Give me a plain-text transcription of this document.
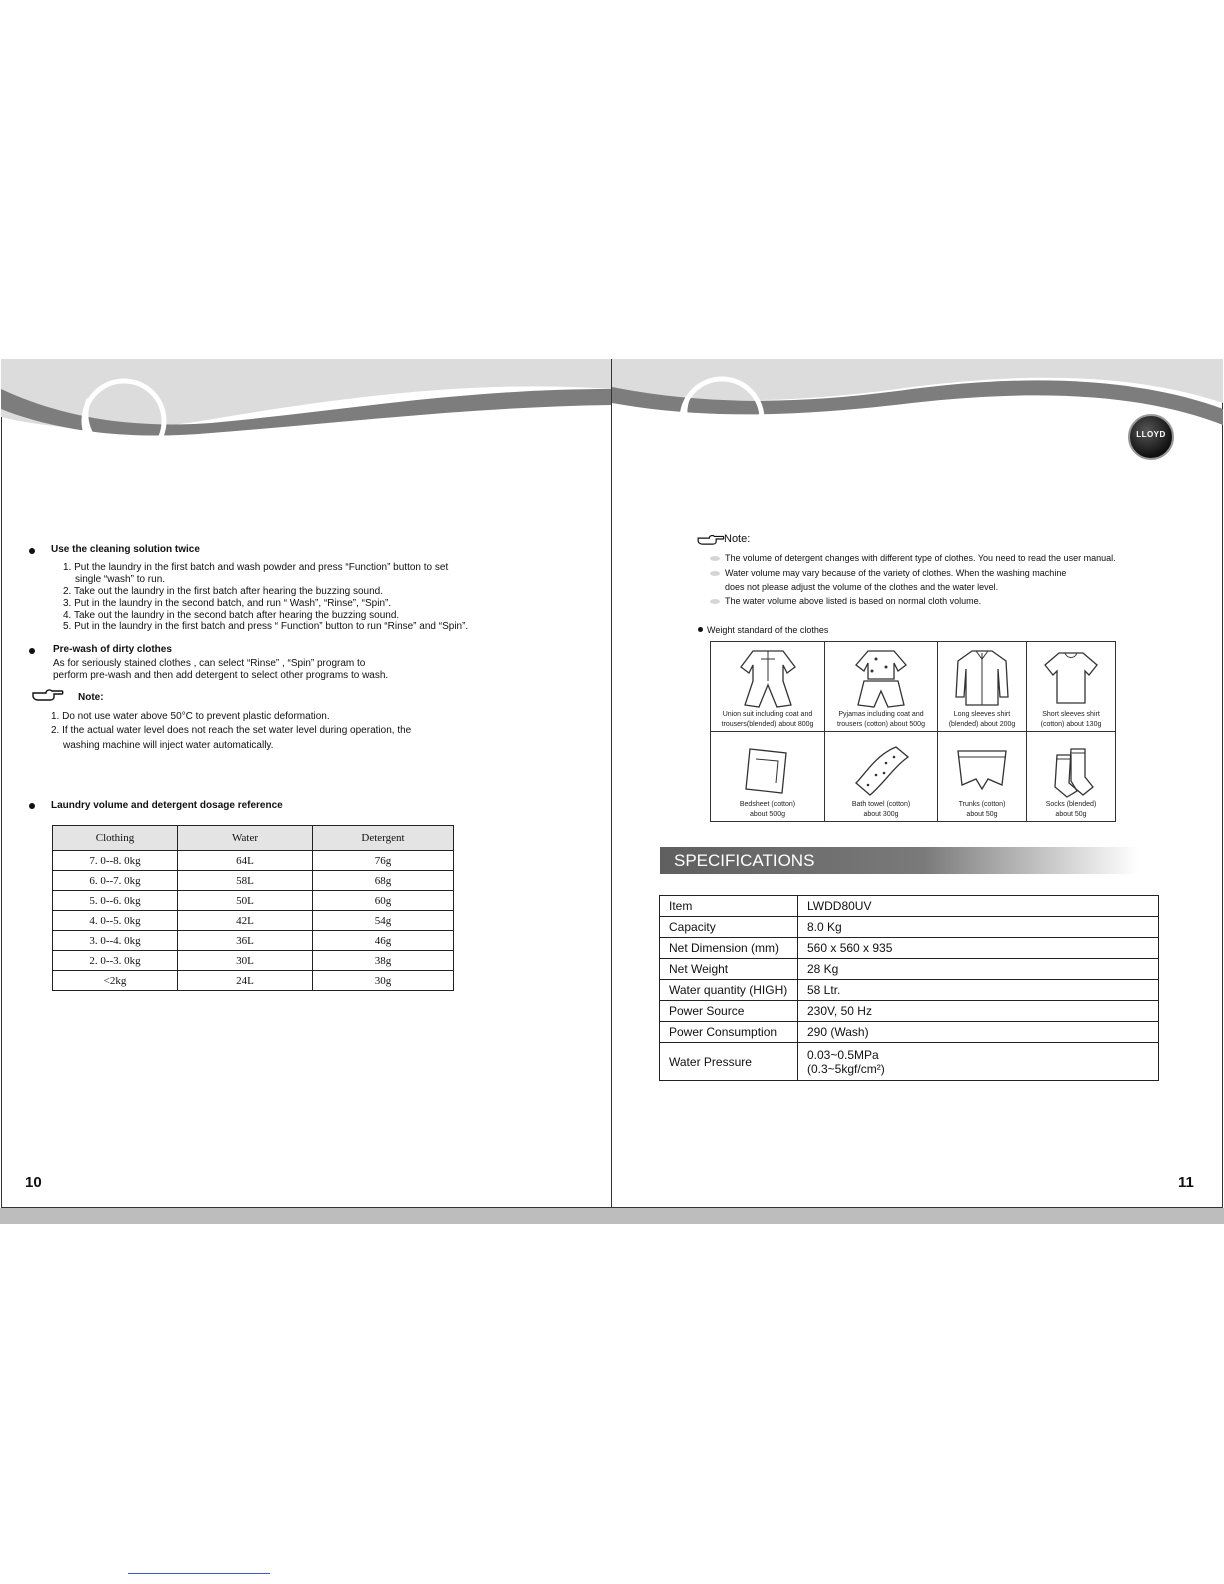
Use the cleaning solution twice
1. Put the laundry in the first batch and wash powder and press “Function” button to set
single “wash” to run.
2. Take out the laundry in the first batch after hearing the buzzing sound.
3. Put in the laundry in the second batch, and run “ Wash”, “Rinse”, “Spin”.
4. Take out the laundry in the second batch after hearing the buzzing sound.
5. Put in the laundry in the first batch and press “ Function” button to run “Rinse” and “Spin”.
Pre-wash of dirty clothes
As for seriously stained clothes , can select “Rinse” , “Spin” program to
perform pre-wash and then add detergent to select other programs to wash.
Note:
1. Do not use water above 50°C to prevent plastic deformation.
2. If the actual water level does not reach the set water level during operation, the
washing machine will inject water automatically.
Laundry volume and detergent dosage reference
Clothing	Water	Detergent
7. 0--8. 0kg	64L	76g
6. 0--7. 0kg	58L	68g
5. 0--6. 0kg	50L	60g
4. 0--5. 0kg	42L	54g
3. 0--4. 0kg	36L	46g
2. 0--3. 0kg	30L	38g
<2kg	24L	30g
10
LLOYD
Note:
The volume of detergent changes with different type of clothes. You need to read the user manual.
Water volume may vary because of the variety of clothes. When the washing machine
does not please adjust the volume of the clothes and the water level.
The water volume above listed is based on normal cloth volume.
Weight standard of the clothes
Union suit including coat and
trousers(blended) about 800g	Pyjamas including coat and
trousers (cotton) about 500g	Long sleeves shirt
(blended) about 200g	Short sleeves shirt
(cotton) about 130g

Bedsheet (cotton)
about 500g	Bath towel (cotton)
about 300g	Trunks (cotton)
about 50g	Socks (blended)
about 50g
SPECIFICATIONS
Item	LWDD80UV
Capacity	8.0 Kg
Net Dimension (mm)	560 x 560 x 935
Net Weight	28 Kg
Water quantity (HIGH)	58 Ltr.
Power Source	230V, 50 Hz
Power Consumption	290 (Wash)
Water Pressure	0.03~0.5MPa
(0.3~5kgf/cm²)
11
